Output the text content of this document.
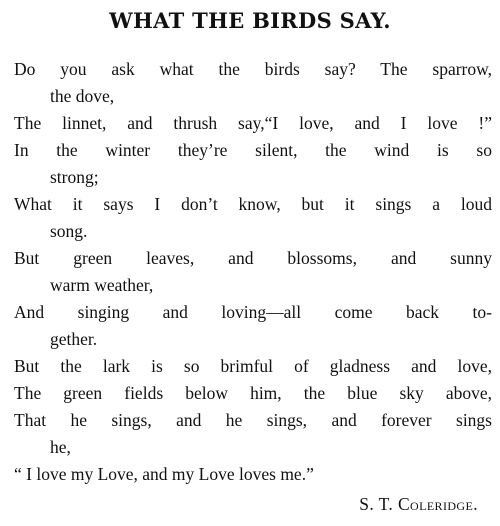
WHAT THE BIRDS SAY.
Do you ask what the birds say? The sparrow,
the dove,
The linnet, and thrush say,“I love, and I love !”
In the winter they’re silent, the wind is so
strong;
What it says I don’t know, but it sings a loud
song.
But green leaves, and blossoms, and sunny
warm weather,
And singing and loving—all come back to-
gether.
But the lark is so brimful of gladness and love,
The green fields below him, the blue sky above,
That he sings, and he sings, and forever sings
he,
“ I love my Love, and my Love loves me.”
S. T. Coleridge.
